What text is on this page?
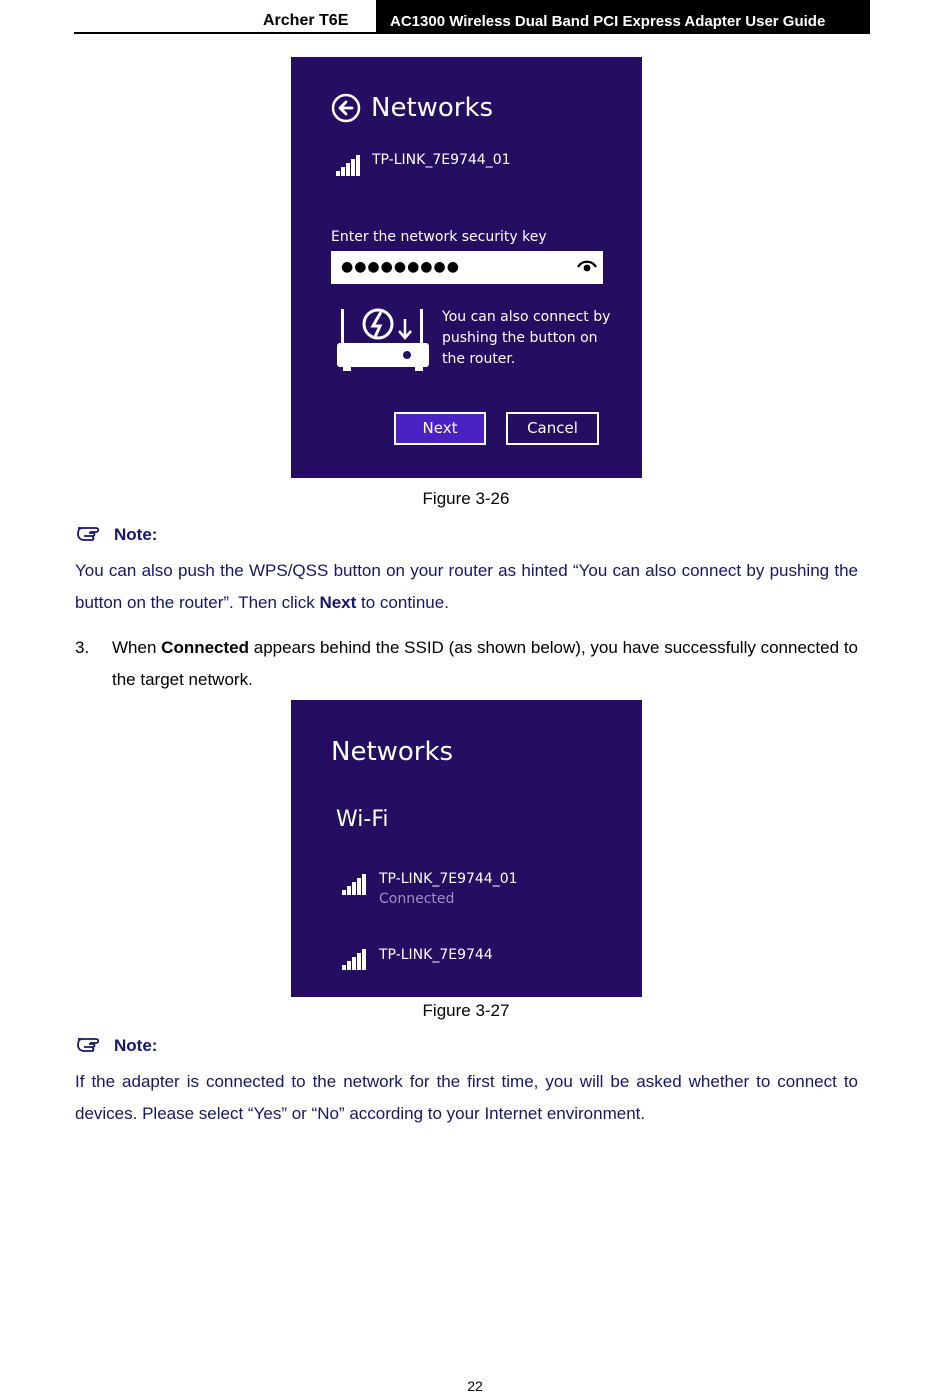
Archer T6E	AC1300 Wireless Dual Band PCI Express Adapter User Guide
Networks
TP-LINK_7E9744_01
Enter the network security key
●●●●●●●●●
You can also connect by pushing the button on the router.
Next	Cancel
Figure 3-26
Note:
You can also push the WPS/QSS button on your router as hinted “You can also connect by pushing the button on the router”. Then click Next to continue.
3. When Connected appears behind the SSID (as shown below), you have successfully connected to the target network.
Networks
Wi-Fi
TP-LINK_7E9744_01
Connected
TP-LINK_7E9744
Figure 3-27
Note:
If the adapter is connected to the network for the first time, you will be asked whether to connect to devices. Please select “Yes” or “No” according to your Internet environment.
22
